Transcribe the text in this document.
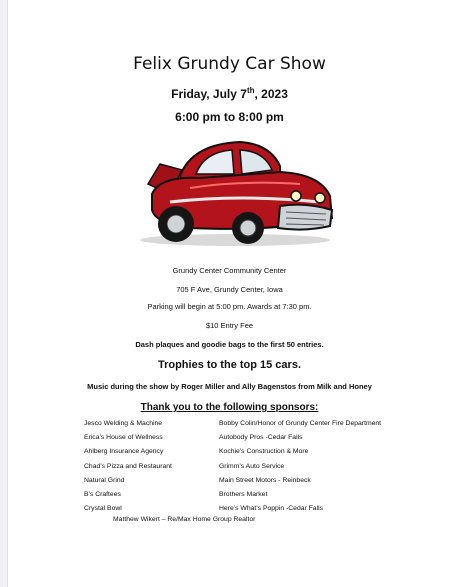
Felix Grundy Car Show
Friday, July 7th, 2023
6:00 pm to 8:00 pm
Grundy Center Community Center
705 F Ave, Grundy Center, Iowa
Parking will begin at 5:00 pm. Awards at 7:30 pm.
$10 Entry Fee
Dash plaques and goodie bags to the first 50 entries.
Trophies to the top 15 cars.
Music during the show by Roger Miller and Ally Bagenstos from Milk and Honey
Thank you to the following sponsors:
Jesco Welding & Machine
Erica’s House of Wellness
Ahlberg Insurance Agency
Chad’s Pizza and Restaurant
Natural Grind
B’s Craftees
Crystal Bowl
Bobby Colin/Honor of Grundy Center Fire Department
Autobody Pros -Cedar Falls
Kochie’s Construction & More
Grimm’s Auto Service
Main Street Motors - Reinbeck
Brothers Market
Here’s What’s Poppin -Cedar Falls
Matthew Wikert – Re/Max Home Group Realtor
